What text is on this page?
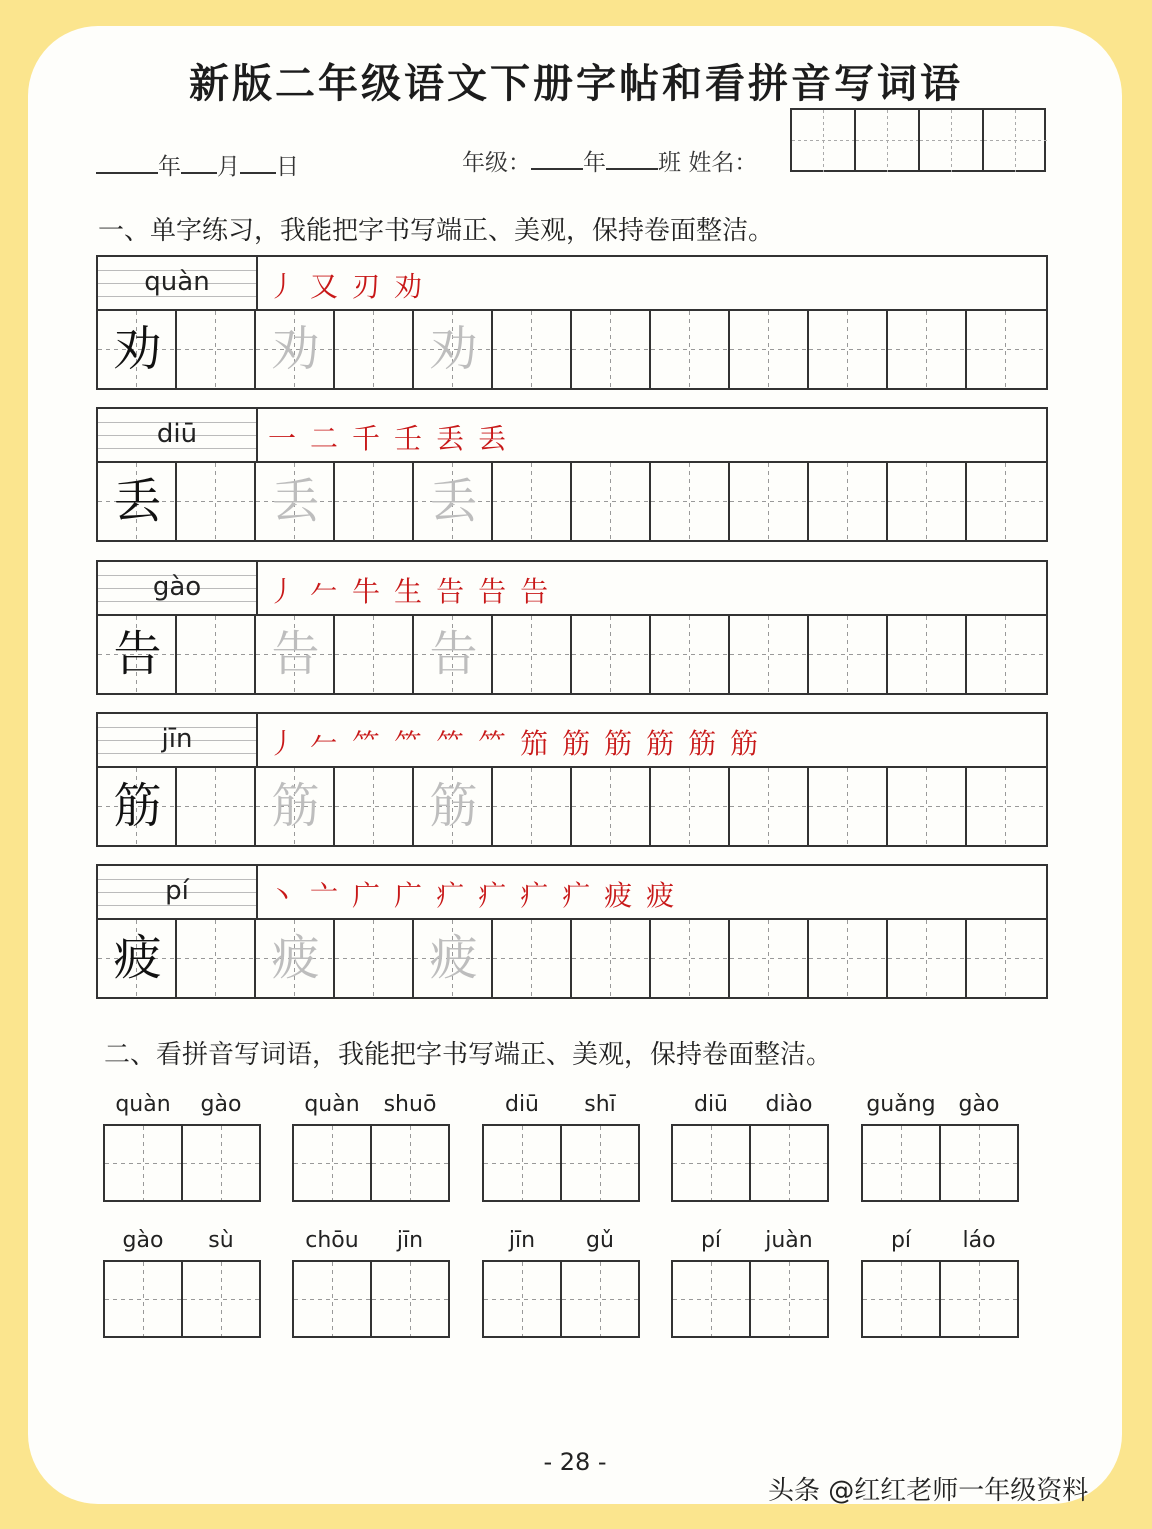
新版二年级语文下册字帖和看拼音写词语
年 月 日	年级： 年 班 姓名：
一、单字练习，我能把字书写端正、美观，保持卷面整洁。
quàn	丿又刃劝
劝	劝	劝
diū	一二千壬丢丢
丢	丢	丢
gào	丿𠂉牛生告告告
告	告	告
jīn	丿𠂉⺮⺮⺮⺮笳筋筋筋筋筋
筋	筋	筋
pí	丶亠广广疒疒疒疒疲疲
疲	疲	疲
二、看拼音写词语，我能把字书写端正、美观，保持卷面整洁。
quàn	gào	quàn	shuō	diū	shī	diū	diào	guǎng	gào
gào	sù	chōu	jīn	jīn	gǔ	pí	juàn	pí	láo
- 28 -
头条 @红红老师一年级资料
